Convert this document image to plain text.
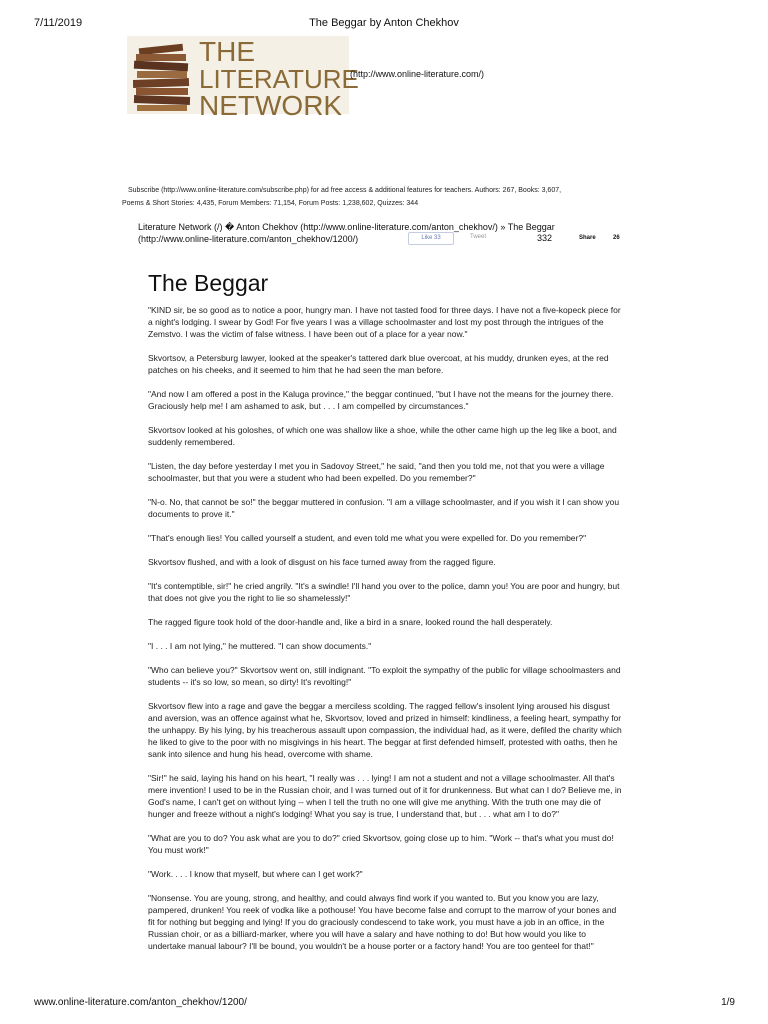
7/11/2019	The Beggar by Anton Chekhov
THE
LITERATURE
NETWORK
(http://www.online-literature.com/)
Subscribe (http://www.online-literature.com/subscribe.php) for ad free access & additional features for teachers. Authors: 267, Books: 3,607,
Poems & Short Stories: 4,435, Forum Members: 71,154, Forum Posts: 1,238,602, Quizzes: 344
Literature Network (/) � Anton Chekhov (http://www.online-literature.com/anton_chekhov/) » The Beggar
(http://www.online-literature.com/anton_chekhov/1200/)	Like 33	Tweet	332	Share	26
The Beggar

"KIND sir, be so good as to notice a poor, hungry man. I have not tasted food for three days. I have not a five-kopeck piece for a night's lodging. I swear by God! For five years I was a village schoolmaster and lost my post through the intrigues of the Zemstvo. I was the victim of false witness. I have been out of a place for a year now."

Skvortsov, a Petersburg lawyer, looked at the speaker's tattered dark blue overcoat, at his muddy, drunken eyes, at the red patches on his cheeks, and it seemed to him that he had seen the man before.

"And now I am offered a post in the Kaluga province," the beggar continued, "but I have not the means for the journey there. Graciously help me! I am ashamed to ask, but . . . I am compelled by circumstances."

Skvortsov looked at his goloshes, of which one was shallow like a shoe, while the other came high up the leg like a boot, and suddenly remembered.

"Listen, the day before yesterday I met you in Sadovoy Street," he said, "and then you told me, not that you were a village schoolmaster, but that you were a student who had been expelled. Do you remember?"

"N-o. No, that cannot be so!" the beggar muttered in confusion. "I am a village schoolmaster, and if you wish it I can show you documents to prove it."

"That's enough lies! You called yourself a student, and even told me what you were expelled for. Do you remember?"

Skvortsov flushed, and with a look of disgust on his face turned away from the ragged figure.

"It's contemptible, sir!" he cried angrily. "It's a swindle! I'll hand you over to the police, damn you! You are poor and hungry, but that does not give you the right to lie so shamelessly!"

The ragged figure took hold of the door-handle and, like a bird in a snare, looked round the hall desperately.

"I . . . I am not lying," he muttered. "I can show documents."

"Who can believe you?" Skvortsov went on, still indignant. "To exploit the sympathy of the public for village schoolmasters and students -- it's so low, so mean, so dirty! It's revolting!"

Skvortsov flew into a rage and gave the beggar a merciless scolding. The ragged fellow's insolent lying aroused his disgust and aversion, was an offence against what he, Skvortsov, loved and prized in himself: kindliness, a feeling heart, sympathy for the unhappy. By his lying, by his treacherous assault upon compassion, the individual had, as it were, defiled the charity which he liked to give to the poor with no misgivings in his heart. The beggar at first defended himself, protested with oaths, then he sank into silence and hung his head, overcome with shame.

"Sir!" he said, laying his hand on his heart, "I really was . . . lying! I am not a student and not a village schoolmaster. All that's mere invention! I used to be in the Russian choir, and I was turned out of it for drunkenness. But what can I do? Believe me, in God's name, I can't get on without lying -- when I tell the truth no one will give me anything. With the truth one may die of hunger and freeze without a night's lodging! What you say is true, I understand that, but . . . what am I to do?"

"What are you to do? You ask what are you to do?" cried Skvortsov, going close up to him. "Work -- that's what you must do! You must work!"

"Work. . . . I know that myself, but where can I get work?"

"Nonsense. You are young, strong, and healthy, and could always find work if you wanted to. But you know you are lazy, pampered, drunken! You reek of vodka like a pothouse! You have become false and corrupt to the marrow of your bones and fit for nothing but begging and lying! If you do graciously condescend to take work, you must have a job in an office, in the Russian choir, or as a billiard-marker, where you will have a salary and have nothing to do! But how would you like to undertake manual labour? I'll be bound, you wouldn't be a house porter or a factory hand! You are too genteel for that!"

www.online-literature.com/anton_chekhov/1200/	1/9
